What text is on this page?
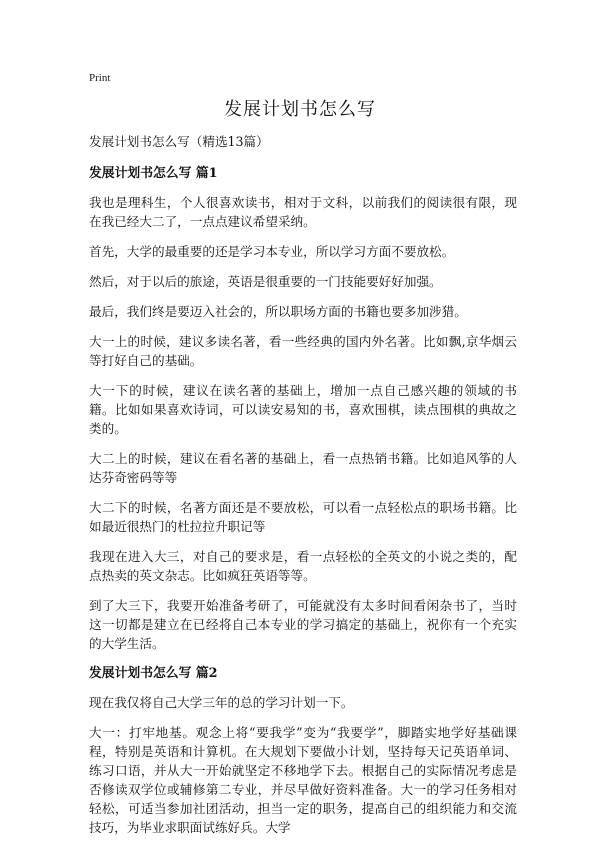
Print
发展计划书怎么写

发展计划书怎么写（精选13篇）

发展计划书怎么写 篇1

我也是理科生，个人很喜欢读书，相对于文科，以前我们的阅读很有限，现在我已经大二了，一点点建议希望采纳。

首先，大学的最重要的还是学习本专业，所以学习方面不要放松。

然后，对于以后的旅途，英语是很重要的一门技能要好好加强。

最后，我们终是要迈入社会的，所以职场方面的书籍也要多加涉猎。

大一上的时候，建议多读名著，看一些经典的国内外名著。比如飘,京华烟云等打好自己的基础。

大一下的时候，建议在读名著的基础上，增加一点自己感兴趣的领域的书籍。比如如果喜欢诗词，可以读安易知的书，喜欢围棋，读点围棋的典故之类的。

大二上的时候，建议在看名著的基础上，看一点热销书籍。比如追风筝的人达芬奇密码等等

大二下的时候，名著方面还是不要放松，可以看一点轻松点的职场书籍。比如最近很热门的杜拉拉升职记等

我现在进入大三，对自己的要求是，看一点轻松的全英文的小说之类的，配点热卖的英文杂志。比如疯狂英语等等。

到了大三下，我要开始准备考研了，可能就没有太多时间看闲杂书了，当时这一切都是建立在已经将自己本专业的学习搞定的基础上，祝你有一个充实的大学生活。

发展计划书怎么写 篇2

现在我仅将自己大学三年的总的学习计划一下。

大一：打牢地基。观念上将“要我学”变为“我要学”，脚踏实地学好基础课程，特别是英语和计算机。在大规划下要做小计划，坚持每天记英语单词、练习口语，并从大一开始就坚定不移地学下去。根据自己的实际情况考虑是否修读双学位或辅修第二专业，并尽早做好资料准备。大一的学习任务相对轻松，可适当参加社团活动，担当一定的职务，提高自己的组织能力和交流技巧，为毕业求职面试练好兵。大学
